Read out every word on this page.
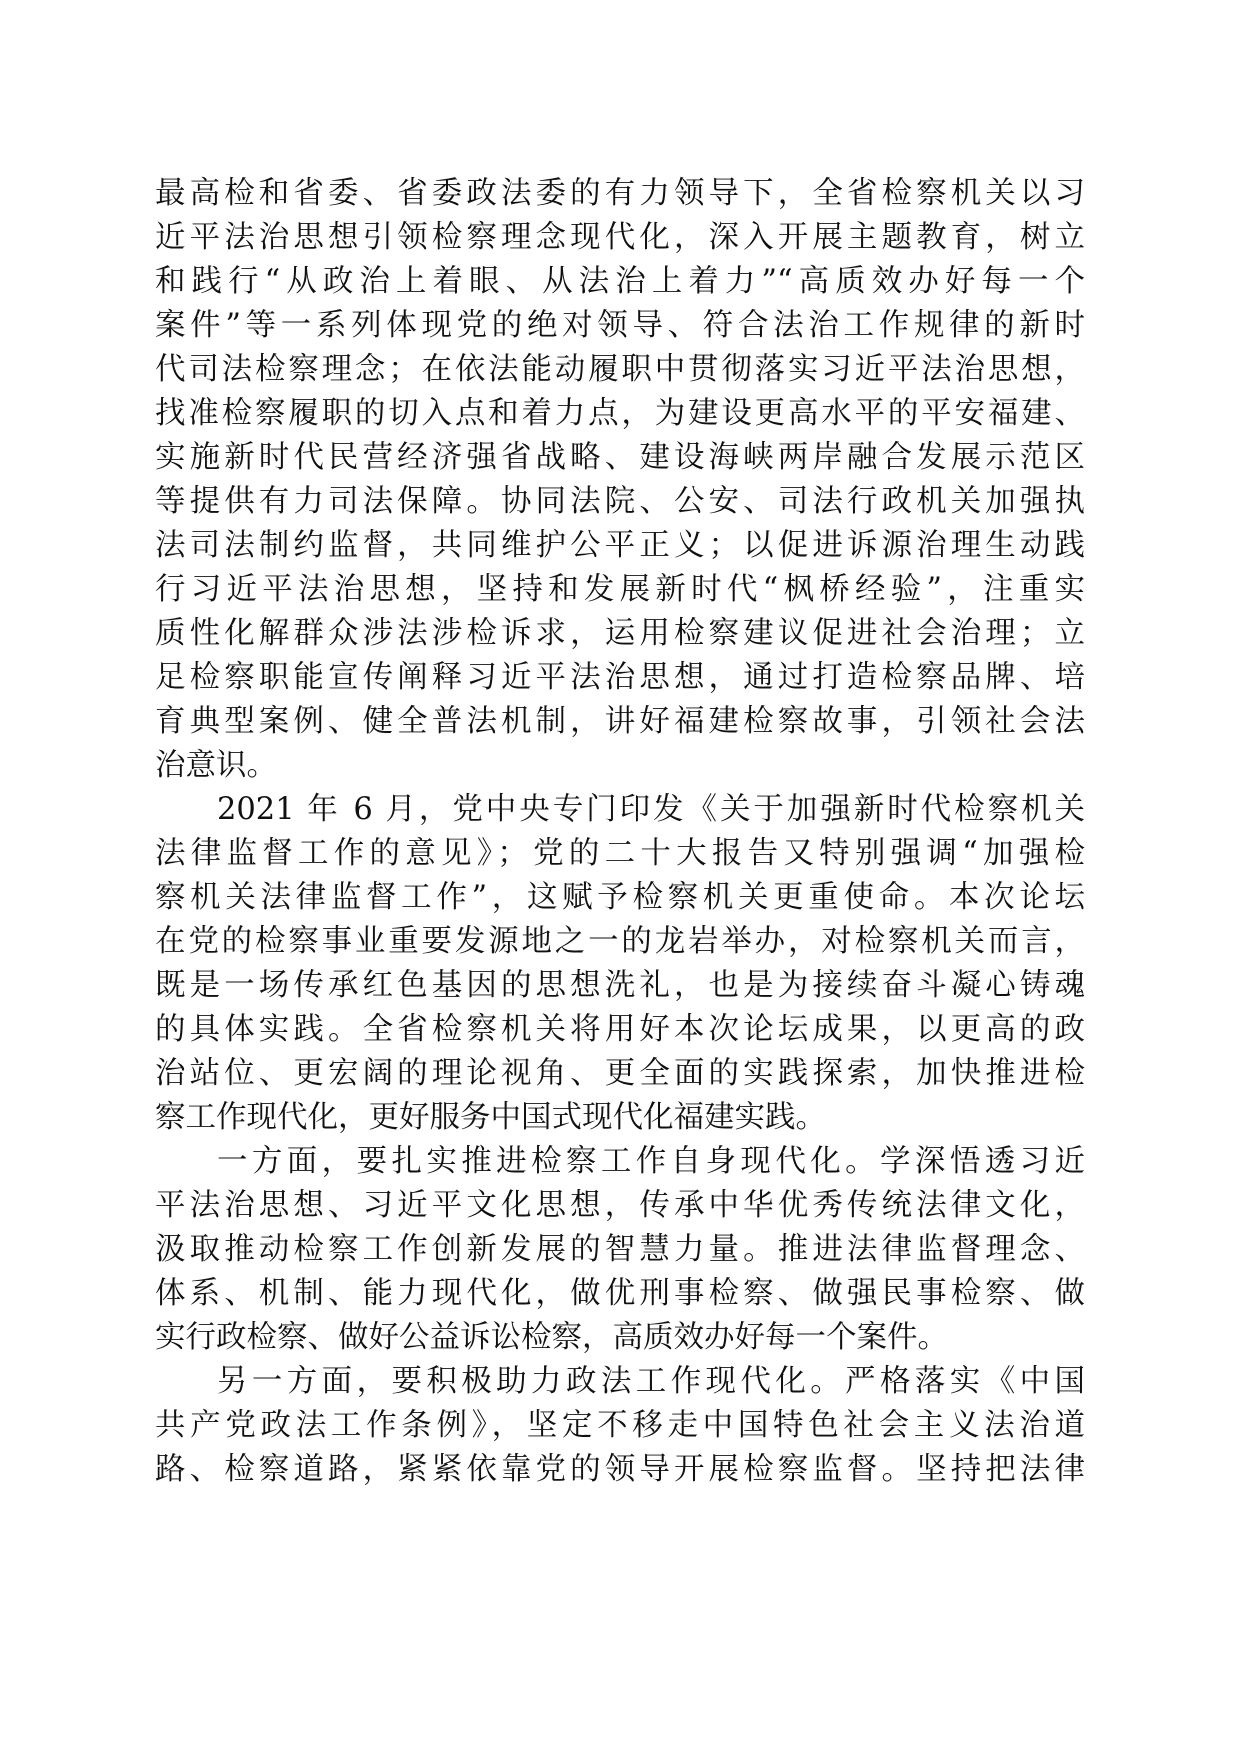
最高检和省委、省委政法委的有力领导下，全省检察机关以习
近平法治思想引领检察理念现代化，深入开展主题教育，树立
和践行“从政治上着眼、从法治上着力”“高质效办好每一个
案件”等一系列体现党的绝对领导、符合法治工作规律的新时
代司法检察理念；在依法能动履职中贯彻落实习近平法治思想，
找准检察履职的切入点和着力点，为建设更高水平的平安福建、
实施新时代民营经济强省战略、建设海峡两岸融合发展示范区
等提供有力司法保障。协同法院、公安、司法行政机关加强执
法司法制约监督，共同维护公平正义；以促进诉源治理生动践
行习近平法治思想，坚持和发展新时代“枫桥经验”，注重实
质性化解群众涉法涉检诉求，运用检察建议促进社会治理；立
足检察职能宣传阐释习近平法治思想，通过打造检察品牌、培
育典型案例、健全普法机制，讲好福建检察故事，引领社会法
治意识。
2021 年 6 月，党中央专门印发《关于加强新时代检察机关
法律监督工作的意见》；党的二十大报告又特别强调“加强检
察机关法律监督工作”，这赋予检察机关更重使命。本次论坛
在党的检察事业重要发源地之一的龙岩举办，对检察机关而言，
既是一场传承红色基因的思想洗礼，也是为接续奋斗凝心铸魂
的具体实践。全省检察机关将用好本次论坛成果，以更高的政
治站位、更宏阔的理论视角、更全面的实践探索，加快推进检
察工作现代化，更好服务中国式现代化福建实践。
一方面，要扎实推进检察工作自身现代化。学深悟透习近
平法治思想、习近平文化思想，传承中华优秀传统法律文化，
汲取推动检察工作创新发展的智慧力量。推进法律监督理念、
体系、机制、能力现代化，做优刑事检察、做强民事检察、做
实行政检察、做好公益诉讼检察，高质效办好每一个案件。
另一方面，要积极助力政法工作现代化。严格落实《中国
共产党政法工作条例》，坚定不移走中国特色社会主义法治道
路、检察道路，紧紧依靠党的领导开展检察监督。坚持把法律
